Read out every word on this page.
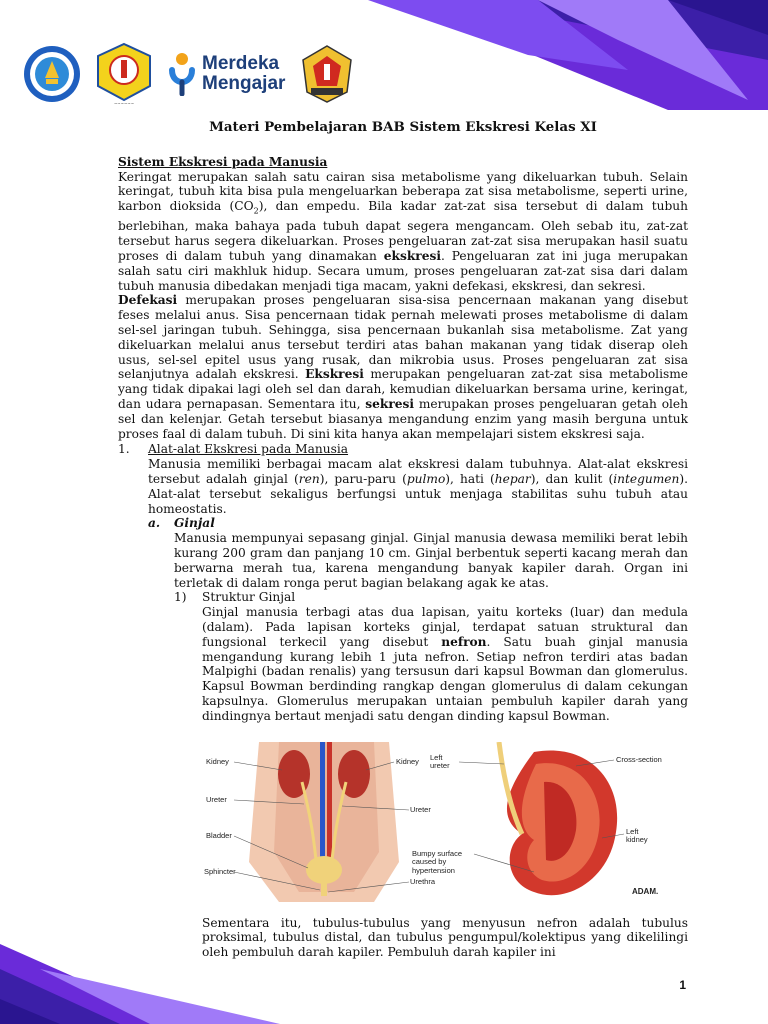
~~~~~~
Merdeka
Mengajar
Materi Pembelajaran BAB Sistem Ekskresi Kelas XI
Sistem Ekskresi pada Manusia

Keringat merupakan salah satu cairan sisa metabolisme yang dikeluarkan tubuh. Selain keringat, tubuh kita bisa pula mengeluarkan beberapa zat sisa metabolisme, seperti urine, karbon dioksida $(CO_2)$, dan empedu. Bila kadar zat-zat sisa tersebut di dalam tubuh berlebihan, maka bahaya pada tubuh dapat segera mengancam. Oleh sebab itu, zat-zat tersebut harus segera dikeluarkan. Proses pengeluaran zat-zat sisa merupakan hasil suatu proses di dalam tubuh yang dinamakan ekskresi. Pengeluaran zat ini juga merupakan salah satu ciri makhluk hidup. Secara umum, proses pengeluaran zat-zat sisa dari dalam tubuh manusia dibedakan menjadi tiga macam, yakni defekasi, ekskresi, dan sekresi.

Defekasi merupakan proses pengeluaran sisa-sisa pencernaan makanan yang disebut feses melalui anus. Sisa pencernaan tidak pernah melewati proses metabolisme di dalam sel-sel jaringan tubuh. Sehingga, sisa pencernaan bukanlah sisa metabolisme. Zat yang dikeluarkan melalui anus tersebut terdiri atas bahan makanan yang tidak diserap oleh usus, sel-sel epitel usus yang rusak, dan mikrobia usus. Proses pengeluaran zat sisa selanjutnya adalah ekskresi. Ekskresi merupakan pengeluaran zat-zat sisa metabolisme yang tidak dipakai lagi oleh sel dan darah, kemudian dikeluarkan bersama urine, keringat, dan udara pernapasan. Sementara itu, sekresi merupakan proses pengeluaran getah oleh sel dan kelenjar. Getah tersebut biasanya mengandung enzim yang masih berguna untuk proses faal di dalam tubuh. Di sini kita hanya akan mempelajari sistem ekskresi saja.

1.	Alat-alat Ekskresi pada Manusia

Manusia memiliki berbagai macam alat ekskresi dalam tubuhnya. Alat-alat ekskresi tersebut adalah ginjal (ren), paru-paru (pulmo), hati (hepar), dan kulit (integumen). Alat-alat tersebut sekaligus berfungsi untuk menjaga stabilitas suhu tubuh atau homeostatis.

a.	Ginjal

Manusia mempunyai sepasang ginjal. Ginjal manusia dewasa memiliki berat lebih kurang 200 gram dan panjang 10 cm. Ginjal berbentuk seperti kacang merah dan berwarna merah tua, karena mengandung banyak kapiler darah. Organ ini terletak di dalam ronga perut bagian belakang agak ke atas.

1)	Struktur Ginjal

Ginjal manusia terbagi atas dua lapisan, yaitu korteks (luar) dan medula (dalam). Pada lapisan korteks ginjal, terdapat satuan struktural dan fungsional terkecil yang disebut nefron. Satu buah ginjal manusia mengandung kurang lebih 1 juta nefron. Setiap nefron terdiri atas badan Malpighi (badan renalis) yang tersusun dari kapsul Bowman dan glomerulus. Kapsul Bowman berdinding rangkap dengan glomerulus di dalam cekungan kapsulnya. Glomerulus merupakan untaian pembuluh kapiler darah yang dindingnya bertaut menjadi satu dengan dinding kapsul Bowman.

Kidney	Kidney
Ureter
Ureter
Bladder
Sphincter
Urethra
Left
ureter
Cross-section
Left
kidney
Bumpy surface
caused by
hypertension
ADAM.

Sementara itu, tubulus-tubulus yang menyusun nefron adalah tubulus proksimal, tubulus distal, dan tubulus pengumpul/kolektipus yang dikelilingi oleh pembuluh darah kapiler. Pembuluh darah kapiler ini

1
